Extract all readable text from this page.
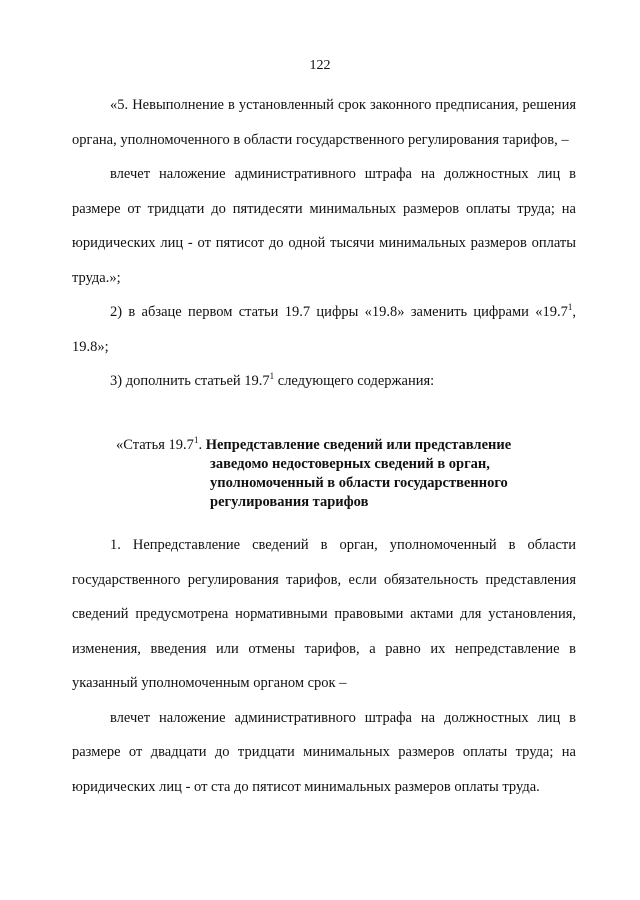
122

«5. Невыполнение в установленный срок законного предписания, решения органа, уполномоченного в области государственного регулирования тарифов, –

влечет наложение административного штрафа на должностных лиц в размере от тридцати до пятидесяти минимальных размеров оплаты труда; на юридических лиц - от пятисот до одной тысячи минимальных размеров оплаты труда.»;

2) в абзаце первом статьи 19.7 цифры «19.8» заменить цифрами «19.7$^1$, 19.8»;

3) дополнить статьей 19.7$^1$ следующего содержания:

«Статья 19.7$^1$. Непредставление сведений или представление
заведомо недостоверных сведений в орган,
уполномоченный в области государственного
регулирования тарифов

1. Непредставление сведений в орган, уполномоченный в области государственного регулирования тарифов, если обязательность представления сведений предусмотрена нормативными правовыми актами для установления, изменения, введения или отмены тарифов, а равно их непредставление в указанный уполномоченным органом срок –

влечет наложение административного штрафа на должностных лиц в размере от двадцати до тридцати минимальных размеров оплаты труда; на юридических лиц - от ста до пятисот минимальных размеров оплаты труда.
